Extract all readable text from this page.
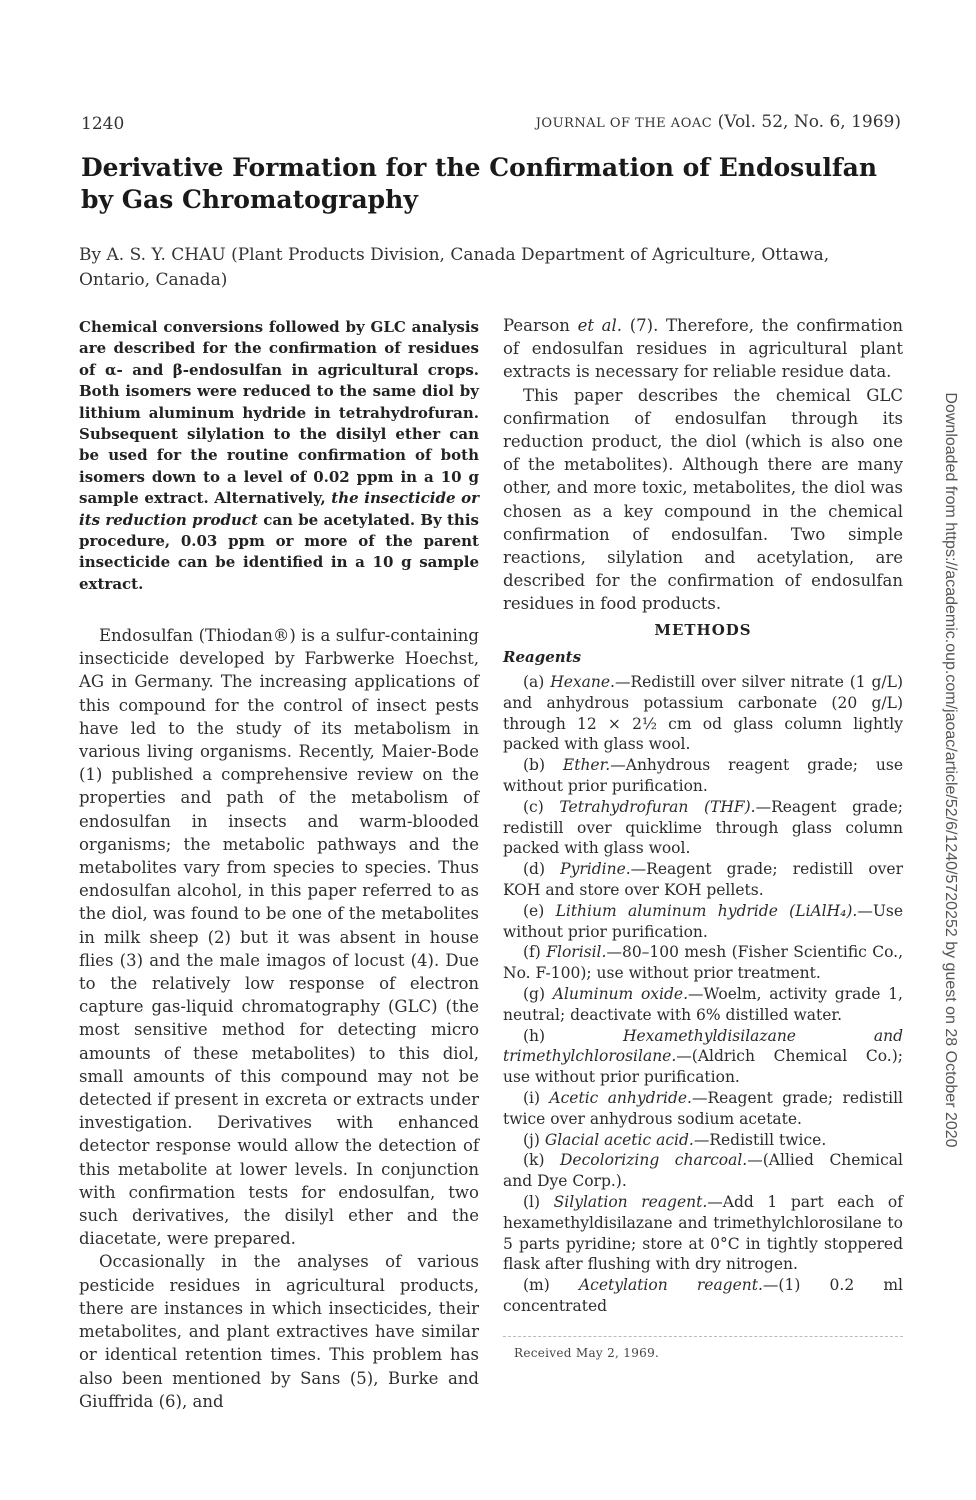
1240	JOURNAL OF THE AOAC (Vol. 52, No. 6, 1969)
Derivative Formation for the Confirmation of Endosulfan by Gas Chromatography
By A. S. Y. CHAU (Plant Products Division, Canada Department of Agriculture, Ottawa, Ontario, Canada)
Chemical conversions followed by GLC analysis are described for the confirmation of residues of α- and β-endosulfan in agricultural crops. Both isomers were reduced to the same diol by lithium aluminum hydride in tetrahydrofuran. Subsequent silylation to the disilyl ether can be used for the routine confirmation of both isomers down to a level of 0.02 ppm in a 10 g sample extract. Alternatively, the insecticide or its reduction product can be acetylated. By this procedure, 0.03 ppm or more of the parent insecticide can be identified in a 10 g sample extract.

Endosulfan (Thiodan®) is a sulfur-containing insecticide developed by Farbwerke Hoechst, AG in Germany. The increasing applications of this compound for the control of insect pests have led to the study of its metabolism in various living organisms. Recently, Maier-Bode (1) published a comprehensive review on the properties and path of the metabolism of endosulfan in insects and warm-blooded organisms; the metabolic pathways and the metabolites vary from species to species. Thus endosulfan alcohol, in this paper referred to as the diol, was found to be one of the metabolites in milk sheep (2) but it was absent in house flies (3) and the male imagos of locust (4). Due to the relatively low response of electron capture gas-liquid chromatography (GLC) (the most sensitive method for detecting micro amounts of these metabolites) to this diol, small amounts of this compound may not be detected if present in excreta or extracts under investigation. Derivatives with enhanced detector response would allow the detection of this metabolite at lower levels. In conjunction with confirmation tests for endosulfan, two such derivatives, the disilyl ether and the diacetate, were prepared.

Occasionally in the analyses of various pesticide residues in agricultural products, there are instances in which insecticides, their metabolites, and plant extractives have similar or identical retention times. This problem has also been mentioned by Sans (5), Burke and Giuffrida (6), and

Pearson et al. (7). Therefore, the confirmation of endosulfan residues in agricultural plant extracts is necessary for reliable residue data.

This paper describes the chemical GLC confirmation of endosulfan through its reduction product, the diol (which is also one of the metabolites). Although there are many other, and more toxic, metabolites, the diol was chosen as a key compound in the chemical confirmation of endosulfan. Two simple reactions, silylation and acetylation, are described for the confirmation of endosulfan residues in food products.

METHODS
Reagents

(a) Hexane.—Redistill over silver nitrate (1 g/L) and anhydrous potassium carbonate (20 g/L) through 12 × 2½ cm od glass column lightly packed with glass wool.

(b) Ether.—Anhydrous reagent grade; use without prior purification.

(c) Tetrahydrofuran (THF).—Reagent grade; redistill over quicklime through glass column packed with glass wool.

(d) Pyridine.—Reagent grade; redistill over KOH and store over KOH pellets.

(e) Lithium aluminum hydride (LiAlH₄).—Use without prior purification.

(f) Florisil.—80–100 mesh (Fisher Scientific Co., No. F-100); use without prior treatment.

(g) Aluminum oxide.—Woelm, activity grade 1, neutral; deactivate with 6% distilled water.

(h)	Hexamethyldisilazane and trimethylchlorosilane.—(Aldrich Chemical Co.); use without prior purification.

(i) Acetic anhydride.—Reagent grade; redistill twice over anhydrous sodium acetate.

(j) Glacial acetic acid.—Redistill twice.

(k) Decolorizing charcoal.—(Allied Chemical and Dye Corp.).

(l) Silylation reagent.—Add 1 part each of hexamethyldisilazane and trimethylchlorosilane to 5 parts pyridine; store at 0°C in tightly stoppered flask after flushing with dry nitrogen.

(m) Acetylation reagent.—(1) 0.2 ml concentrated

Received May 2, 1969.
Downloaded from https://academic.oup.com/jaoac/article/52/6/1240/5720252 by guest on 28 October 2020
